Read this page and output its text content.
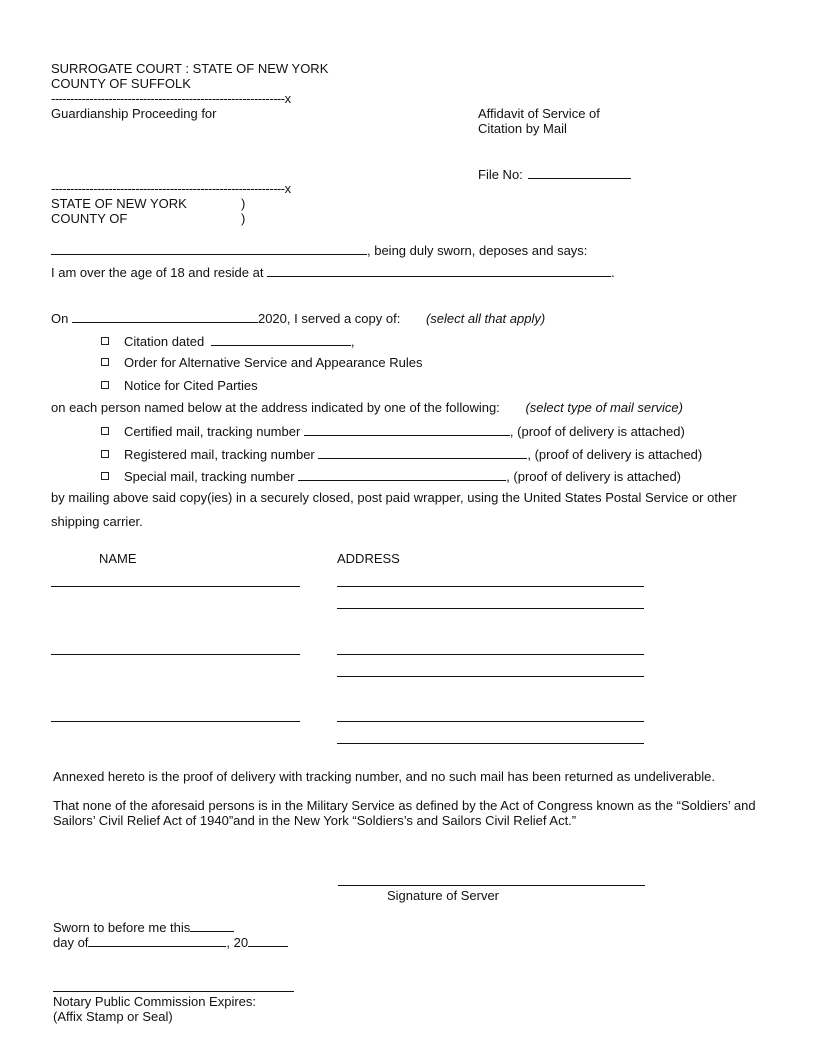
SURROGATE COURT : STATE OF NEW YORK
COUNTY OF SUFFOLK
-------------------------------------------------------------x
Guardianship Proceeding for	Affidavit of Service of
Citation by Mail
File No:
-------------------------------------------------------------x
STATE OF NEW YORK	)
COUNTY OF	)
, being duly sworn, deposes and says:
I am over the age of 18 and reside at	.
On	2020, I served a copy of: (select all that apply)
Citation dated	,
Order for Alternative Service and Appearance Rules
Notice for Cited Parties
on each person named below at the address indicated by one of the following: (select type of mail service)
Certified mail, tracking number	, (proof of delivery is attached)
Registered mail, tracking number	, (proof of delivery is attached)
Special mail, tracking number	, (proof of delivery is attached)
by mailing above said copy(ies) in a securely closed, post paid wrapper, using the United States Postal Service or other
shipping carrier.
NAME	ADDRESS
Annexed hereto is the proof of delivery with tracking number, and no such mail has been returned as undeliverable.
That none of the aforesaid persons is in the Military Service as defined by the Act of Congress known as the “Soldiers’ and
Sailors’ Civil Relief Act of 1940”and in the New York “Soldiers’s and Sailors Civil Relief Act.”
Signature of Server
Sworn to before me this
day of	, 20
Notary Public Commission Expires:
(Affix Stamp or Seal)
